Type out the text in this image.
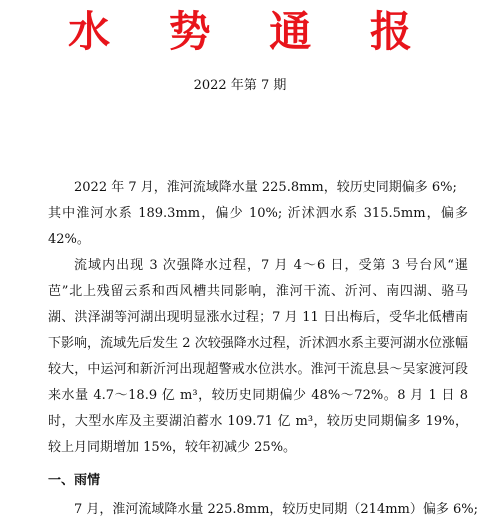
水 势 通 报
2022 年第 7 期

2022 年 7 月，淮河流域降水量 225.8mm，较历史同期偏多 6%;

其中淮河水系 189.3mm，偏少 10%; 沂沭泗水系 315.5mm，偏多 42%。

流域内出现 3 次强降水过程，7 月 4～6 日，受第 3 号台风“暹芭”北上残留云系和西风槽共同影响，淮河干流、沂河、南四湖、骆马湖、洪泽湖等河湖出现明显涨水过程；7 月 11 日出梅后，受华北低槽南下影响，流域先后发生 2 次较强降水过程，沂沭泗水系主要河湖水位涨幅较大，中运河和新沂河出现超警戒水位洪水。淮河干流息县～吴家渡河段来水量 4.7～18.9 亿 m³，较历史同期偏少 48%～72%。8 月 1 日 8 时，大型水库及主要湖泊蓄水 109.71 亿 m³，较历史同期偏多 19%，较上月同期增加 15%，较年初减少 25%。

一、雨情
7 月，淮河流域降水量 225.8mm，较历史同期（214mm）偏多 6%;
